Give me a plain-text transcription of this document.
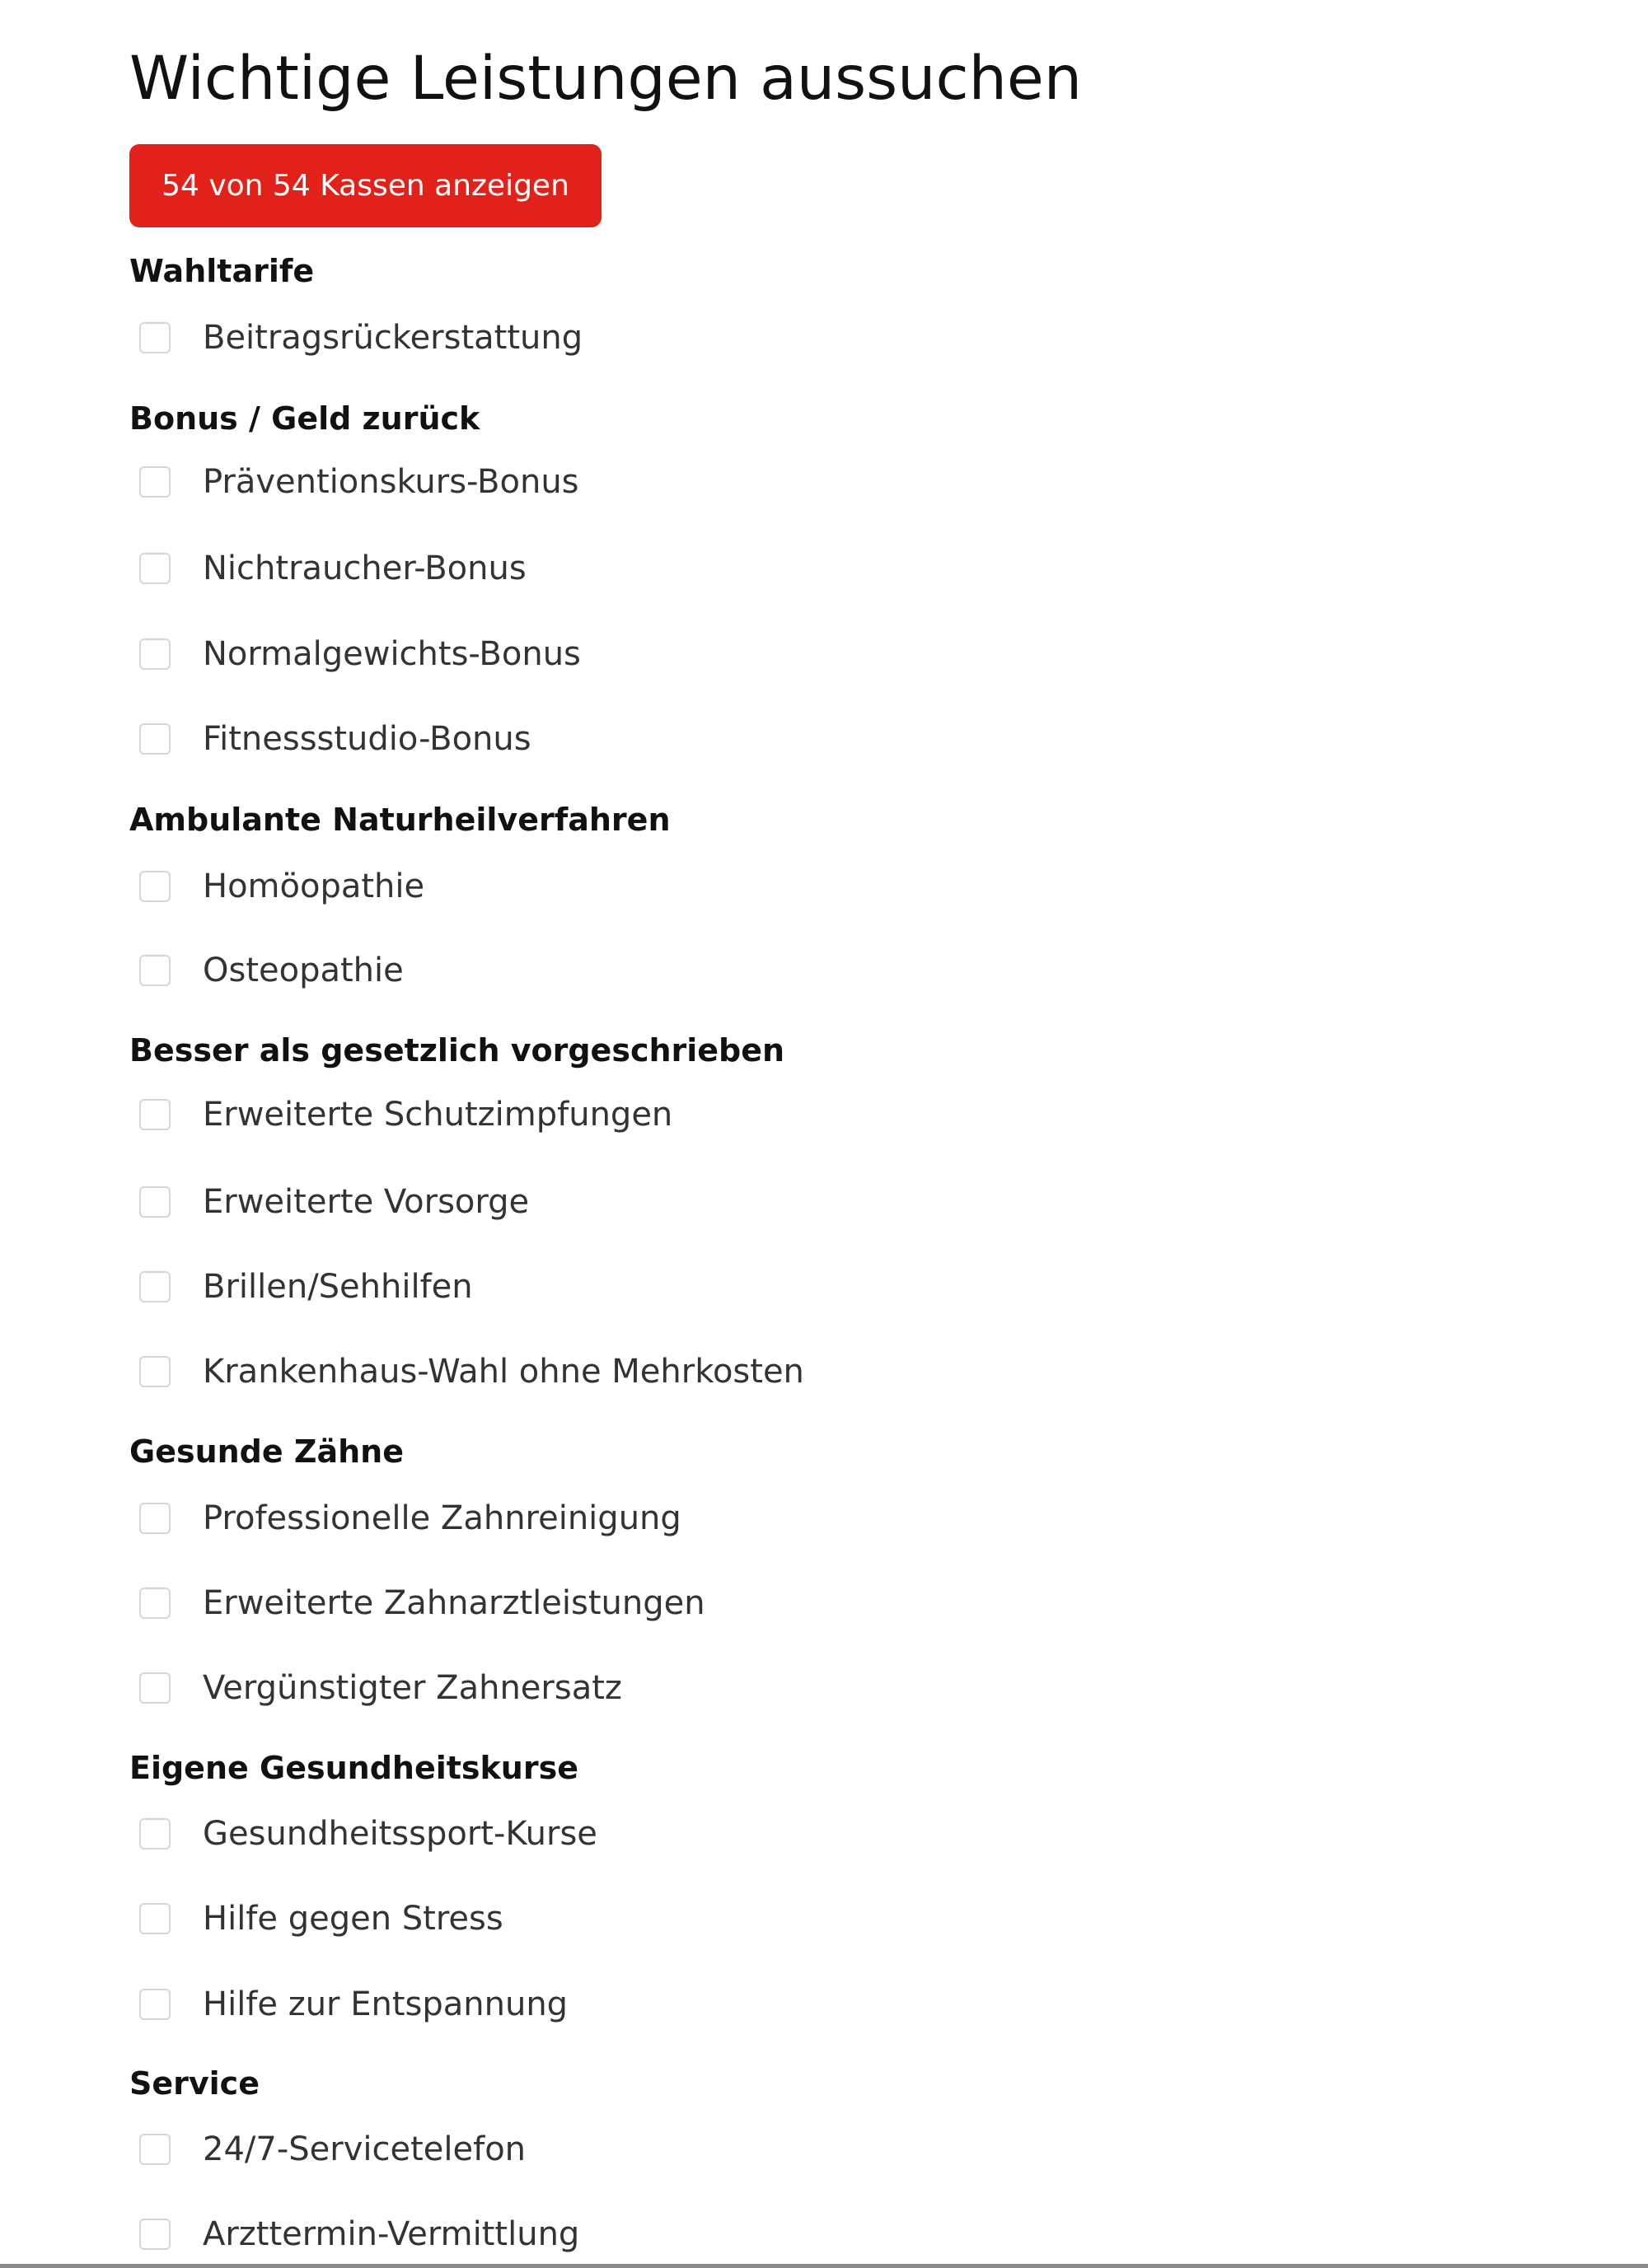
Wichtige Leistungen aussuchen
54 von 54 Kassen anzeigen
Wahltarife
Beitragsrückerstattung
Bonus / Geld zurück
Präventionskurs-Bonus
Nichtraucher-Bonus
Normalgewichts-Bonus
Fitnessstudio-Bonus
Ambulante Naturheilverfahren
Homöopathie
Osteopathie
Besser als gesetzlich vorgeschrieben
Erweiterte Schutzimpfungen
Erweiterte Vorsorge
Brillen/Sehhilfen
Krankenhaus-Wahl ohne Mehrkosten
Gesunde Zähne
Professionelle Zahnreinigung
Erweiterte Zahnarztleistungen
Vergünstigter Zahnersatz
Eigene Gesundheitskurse
Gesundheitssport-Kurse
Hilfe gegen Stress
Hilfe zur Entspannung
Service
24/7-Servicetelefon
Arzttermin-Vermittlung
